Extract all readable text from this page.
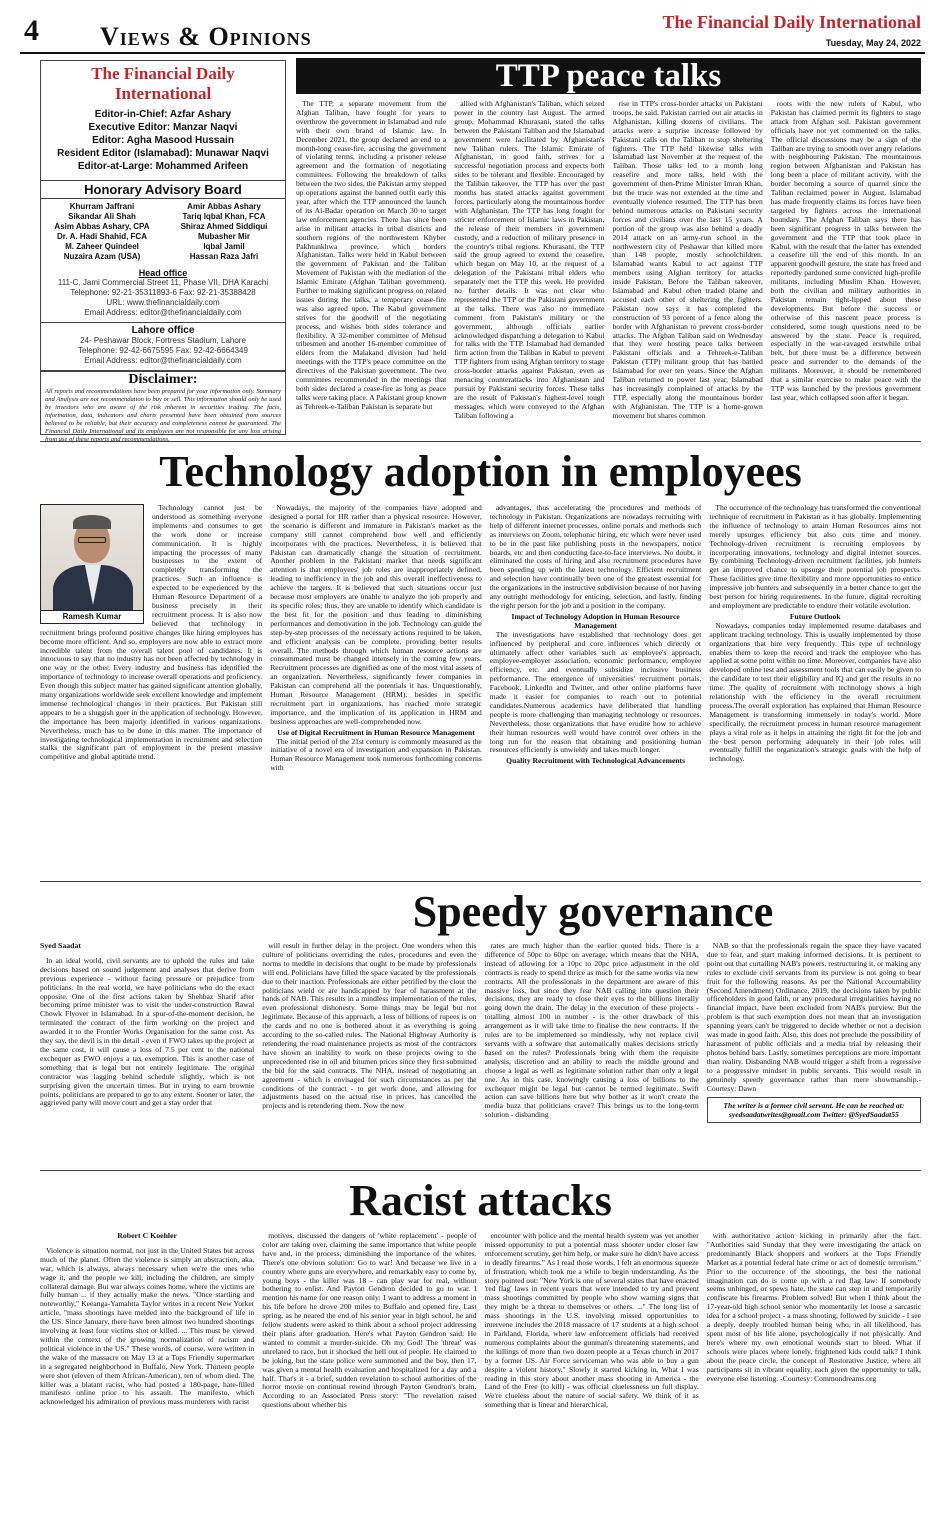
4 Views & Opinions	The Financial Daily International
Tuesday, May 24, 2022
The Financial Daily International
Editor-in-Chief: Azfar Ashary
Executive Editor: Manzar Naqvi
Editor: Agha Masood Hussain
Resident Editor (Islamabad): Munawar Naqvi
Editor-at-Large: Mohammed Arifeen
Honorary Advisory Board
Khurram Jaffrani
Sikandar Ali Shah
Asim Abbas Ashary, CPA
Dr. A. Hadi Shahid, FCA
M. Zaheer Quindeel
Nuzaira Azam (USA)
Amir Abbas Ashary
Tariq Iqbal Khan, FCA
Shiraz Ahmed Siddiqui
Mubasher Mir
Iqbal Jamil
Hassan Raza Jafri
Head office
111-C, Jami Commercial Street 11, Phase VII, DHA Karachi
Telephone: 92-21-35311893-6 Fax: 92-21-35388428
URL: www.thefinancialdaily.com
Email Address: editor@thefinancialdaily.com
Lahore office
24- Peshawar Block, Fortress Stadium, Lahore
Telephone: 92-42-6675595 Fax: 92-42-6664349
Email Address: editor@thefinancialdaily.com
Disclaimer:
All reports and recommendations have been prepared for your information only. Summary and Analysis are not recommendation to buy or sell. This information should only be used by investors who are aware of the risk inherent in securities trading. The facts, information, data, indicators and charts presented have been obtained from sources believed to be reliable, but their accuracy and completeness cannot be guaranteed. The Financial Daily International and its employees are not responsible for any loss arising from use of these reports and recommendations.
TTP peace talks

The TTP, a separate movement from the Afghan Taliban, have fought for years to overthrow the government in Islamabad and rule with their own brand of Islamic law. In December 2021, the group declared an end to a month-long cease-fire, accusing the government of violating terms, including a prisoner release agreement and the formation of negotiating committees. Following the breakdown of talks between the two sides, the Pakistan army stepped up operations against the banned outfit early this year, after which the TTP announced the launch of its Al-Badar operation on March 30 to target law enforcement agencies. There has since been arise in militant attacks in tribal districts and southern regions of the northwestern Khyber Pakhtunkhwa province, which borders Afghanistan. Talks were held in Kabul between the government of Pakistan and the Taliban Movement of Pakistan with the mediation of the Islamic Emirate (Afghan Taliban government). Further to making significant progress on related issues during the talks, a temporary cease-fire was also agreed upon. The Kabul government strives for the goodwill of the negotiating process, and wishes both sides tolerance and flexibility. A 32-member committee of Mehsud tribesmen and another 16-member committee of elders from the Malakand division had held meetings with the TTP's peace committee on the directives of the Pakistan government. The two committees recommended in the meetings that both sides declared a cease-fire as long as peace talks were taking place. A Pakistani group known as Tehreek-e-Taliban Pakistan is separate but

allied with Afghanistan's Taliban, which seized power in the country last August. The armed group, Mohammad Khurasani, stated the talks between the Pakistani Taliban and the Islamabad government were facilitated by Afghanistan's new Taliban rulers. The Islamic Emirate of Afghanistan, in good faith, strives for a successful negotiation process and expects both sides to be tolerant and flexible. Encouraged by the Taliban takeover, the TTP has over the past months has stated attacks against government forces, particularly along the mountainous border with Afghanistan. The TTP has long fought for stricter enforcement of Islamic laws in Pakistan, the release of their members in government custody, and a reduction of military presence in the country's tribal regions. Khurasani, the TTP said the group agreed to extend the ceasefire, which began on May 10, at the request of a delegation of the Pakistani tribal elders who separately met the TTP this week. He provided no further details. It was not clear who represented the TTP or the Pakistani government at the talks. There was also no immediate comment from Pakistan's military or the government, although officials earlier acknowledged dispatching a delegation to Kabul for talks with the TTP. Islamabad had demanded firm action from the Taliban in Kabul to prevent TTP fighters from using Afghan territory to stage cross-border attacks against Pakistan, even as menacing counterattacks into Afghanistan and pursuit by Pakistani security forces. These talks are the result of Pakistan's highest-level tough messages, which were conveyed to the Afghan Taliban following a

rise in TTP's cross-border attacks on Pakistani troops, he said. Pakistan carried out air attacks in Afghanistan, killing dozens of civilians. The attacks were a surprise increase followed by Pakistani calls on the Taliban to stop sheltering fighters. The TTP held likewise talks with Islamabad last November at the request of the Taliban. Those talks led to a month long ceasefire and more talks, held with the government of then-Prime Minister Imran Khan, but the truce was not extended at the time and eventually violence resumed. The TTP has been behind numerous attacks on Pakistani security forces and civilians over the last 15 years. A portion of the group was also behind a deadly 2014 attack on an army-run school in the northwestern city of Peshawar that killed more than 148 people, mostly schoolchildren. Islamabad wants Kabul to act against TTP members using Afghan territory for attacks inside Pakistan. Before the Taliban takeover, Islamabad and Kabul often traded blame and accused each other of sheltering the fighters. Pakistan now says it has completed the construction of 93 percent of a fence along the border with Afghanistan to prevent cross-border attacks. The Afghan Taliban said on Wednesday that they were hosting peace talks between Pakistani officials and a Tehreek-e-Taliban Pakistan (TTP) militant group that has battled Islamabad for over ten years. Since the Afghan Taliban returned to power last year, Islamabad has increasingly complained of attacks by the TTP, especially along the mountainous border with Afghanistan. The TTP is a home-grown movement but shares common

roots with the new rulers of Kabul, who Pakistan has claimed permit its fighters to stage attack from Afghan soil. Pakistan government officials have not yet commented on the talks. The official discussions may be a sign of the Taliban are trying to smooth over angry relations with neighbouring Pakistan. The mountainous region between Afghanistan and Pakistan has long been a place of militant activity, with the border becoming a source of quarrel since the Taliban reclaimed power in August. Islamabad has made frequently claims its forces have been targeted by fighters across the international boundary. The Afghan Taliban says there has been significant progress in talks between the government and the TTP that took place in Kabul, with the result that the latter has extended a ceasefire till the end of this month. In an apparent goodwill gesture, the state has freed and reportedly pardoned some convicted high-profile militants, including Muslim Khan. However, both the civilian and military authorities in Pakistan remain tight-lipped about these developments. But before the success or otherwise of this nascent peace process is considered, some tough questions need to be answered by the state. Peace is required, especially in the war-ravaged erstwhile tribal belt, but there must be a difference between peace and surrender to the demands of the militants. Moreover, it should be remembered that a similar exercise to make peace with the TTP was launched by the previous government last year, which collapsed soon after it began.

Technology adoption in employees
Ramesh Kumar

Technology cannot just be understood as something everyone implements and consumes to get the work done or increase communication. It is highly impacting the processes of many businesses to the extent of completely transforming the practices. Such an influence is expected to be experienced by the Human Resource Department of a business precisely in their recruitment process. It is also now believed that technology in recruitment brings profound positive changes like hiring employees has become more efficient. And so, employers are now able to extract more incredible talent from the overall talent pool of candidates. It is innocuous to say that no industry has not been affected by technology in one way or the other. Every industry and business has identified the importance of technology to increase overall operations and proficiency. Even though this subject matter has gained significant attention globally, many organizations worldwide seek excellent knowledge and implement immense technological changes in their practices. But Pakistan still appears to be a sluggish goer in the application of technology. However, the importance has been majorly identified in various organizations. Nevertheless, much has to be done in this matter. The importance of investigating technological implementation in recruitment and selection stalks the significant part of employment in the present massive competitive and global aptitude trend.

Nowadays, the majority of the companies have adopted and designed a portal for HR rather than a physical resource. However, the scenario is different and immature in Pakistan's market as the company still cannot comprehend how well and efficiently incorporates with the practices. Nevertheless, it is believed that Pakistan can dramatically change the situation of recruitment. Another problem in the Pakistani market that needs significant attention is that employees' job roles are inappropriately defined, leading to inefficiency in the job and this overall ineffectiveness to achieve the targets. It is believed that such situations occur just because most employers are unable to analyze the job properly and its specific roles; thus, they are unable to identify which candidate is the best fit for the position and thus leading to diminishing performances and demotivation in the job. Technology can guide the step-by-step processes of the necessary actions required to be taken, and efficient analysis can be complete, providing better results overall. The methods through which human resource actions are consummated must be changed intensely in the coming few years. Recruitment processes are dignified as one of the most vital assets of an organization. Nevertheless, significantly fewer companies in Pakistan can comprehend all the potentials it has. Unquestionably, Human Resource Management (HRM), besides in specific recruitment part in organizations, has reached more strategic importance, and the implication of its application in HRM and business approaches are well-comprehended now.

Use of Digital Recruitment in Human Resource Management

The initial period of the 21st century is commonly measured as the initiative of a novel era of investigation and expansion in Pakistan. Human Resource Management took numerous forthcoming concerns with

advantages, thus accelerating the procedures and methods of technology in Pakistan. Organizations are nowadays recruiting with help of different internet processes, online portals and methods such as interviews on Zoom, telephonic hiring, etc which were never used to be in the past like publishing posts in the newspapers, notice boards, etc and then conducting face-to-face interviews. No doubt, it eliminated the costs of hiring and also recruitment procedures have been speeding up with the latest technology. Efficient recruitment and selection have continually been one of the greatest essential for the organizations in the instructive subdivision because of not having any outright methodology for enticing, selection, and lastly, finding the right person for the job and a position in the company.

Impact of Technology Adoption in Human Resource Management

The investigations have established that technology does get influenced by peripheral and core influences which directly or ultimately affect other variables such as employee's approach, employee-employer association, economic performance, employee efficiency, etc. and eventually subsidize inclusive business performance. The emergence of universities' recruitment portals, Facebook, LinkedIn and Twitter, and other online platforms have made it easier for companies to reach out to potential candidates.Numerous academics have deliberated that handling people is more challenging than managing technology or resources. Nevertheless, those organizations that have erudite how to achieve their human resources well would have control over others in the long run for the reason that obtaining and positioning human resources efficiently is unwieldy and takes much longer.

Quality Recruitment with Technological Advancements

The occurrence of the technology has transformed the conventional technique of recruitment in Pakistan as it has globally. Implementing the influence of technology to attain Human Resources aims not merely upsurges efficiency but also cuts time and money. Technology-driven recruitment is recruiting employees by incorporating innovations, technology and digital internet sources. By combining Technology-driven recruitment facilities, job hunters get an improved chance to upsurge their potential job prospects. These facilities give time flexibility and more opportunities to entice impressive job hunters and subsequently in a better chance to get the best person for hiring requirements. In the future, digital recruiting and employment are predictable to endure their volatile evolution.

Future Outlook

Nowadays, companies today implemented resume databases and applicant tracking technology. This is usually implemented by those organizations that hire very frequently. This type of technology enables them to keep the record and track the employee who has applied at some point within no time. Moreover, companies have also developed online test and assessment tools that can easily be given to the candidate to test their eligibility and IQ and get the results in no time. The quality of recruitment with technology shows a high relationship with the efficiency in the overall recruitment process.The overall exploration has explained that Human Resource Management is transforming immensely in today's world. More specifically, the recruitment process in human resource management plays a vital role as it helps in attaining the right fit for the job and the best person performing adequately in their job roles will eventually fulfill the organization's strategic goals with the help of technology.

Speedy governance
Syed Saadat

In an ideal world, civil servants are to uphold the rules and take decisions based on sound judgement and analyses that derive from previous experience - without facing pressure or prejudice from politicians. In the real world, we have politicians who do the exact opposite. One of the first actions taken by Shehbaz Sharif after becoming prime minister was to visit the under-construction Rawal Chowk Flyover in Islamabad. In a spur-of-the-moment decision, he terminated the contract of the firm working on the project and awarded it to the Frontier Works Organisation for the same cost. As they say, the devil is in the detail - even if FWO takes up the project at the same cost, it will cause a loss of 7.5 per cent to the national exchequer as FWO enjoys a tax exemption. This is another case of something that is legal but not entirely legitimate. The original contractor was lagging behind schedule slightly, which is not surprising given the uncertain times. But in trying to earn brownie points, politicians are prepared to go to any extent. Sooner or later, the aggrieved party will move court and get a stay order that

will result in further delay in the project. One wonders when this culture of politicians overriding the rules, procedures and even the norms to meddle in decisions that ought to be made by professionals will end. Politicians have filled the space vacated by the professionals due to their inaction. Professionals are either petrified by the clout the politicians wield or are handicapped by fear of harassment at the hands of NAB. This results in a mindless implementation of the rules, even professional dishonesty. Some things may be legal but not legitimate. Because of this approach, a loss of billions of rupees is on the cards and no one is bothered about it as everything is going according to the so-called rules. The National Highway Authority is retendering the road maintenance projects as most of the contractors have shown an inability to work on these projects owing to the unprecedented rise in oil and bitumen prices since they first submitted the bid for the said contracts. The NHA, instead of negotiating an agreement - which is envisaged for such circumstances as per the conditions of the contract - to get work done, and allowing for adjustments based on the actual rise in prices, has cancelled the projects and is retendering them. Now the new

rates are much higher than the earlier quoted bids. There is a difference of 50pc to 60pc on average, which means that the NHA, instead of allowing for a 10pc to 20pc price adjustment in the old contracts is ready to spend thrice as much for the same works via new contracts. All the professionals in the department are aware of this massive loss, but since they fear NAB calling into question their decisions, they are ready to close their eyes to the billions literally going down the drain. The delay in the execution of these projects - totalling almost 100 in number - is the other drawback of this arrangement as it will take time to finalise the new contracts. If the rules are to be implemented so mindlessly, why not replace civil servants with a software that automatically makes decisions strictly based on the rules? Professionals bring with them the requisite analysis, discretion and an ability to reach the middle ground and choose a legal as well as legitimate solution rather than only a legal one. As in this case, knowingly causing a loss of billions to the exchequer might be legal but cannot be termed legitimate. Swift action can save billions here but why bother as it won't create the media buzz that politicians crave? This brings us to the long-term solution - disbanding

NAB so that the professionals regain the space they have vacated due to fear, and start making informed decisions. It is pertinent to point out that curtailing NAB's powers, restructuring it, or making any rules to exclude civil servants from its purview is not going to bear fruit for the following reasons. As per the National Accountability (Second Amendment) Ordinance, 2019, the decisions taken by public officeholders in good faith, or any procedural irregularities having no financial impact, have been excluded from NAB's purview. But the problem is that such exemption does not mean that an investigation spanning years can't be triggered to decide whether or not a decision was made in good faith. Also, this does not preclude the possibility of harassment of public officials and a media trial by releasing their photos behind bars. Lastly, sometimes perceptions are more important than reality. Disbanding NAB would trigger a shift from a regressive to a progressive mindset in public servants. This would result in genuinely speedy governance rather than mere showmanship.-Courtesy: Dawn

The writer is a former civil servant. He can be reached at: syedsaadatwrites@gmail.com Twitter: @SyedSaadat55
Racist attacks
Robert C Koehler

Violence is situation normal, not just in the United States but across much of the planet. Often the violence is simply an abstraction, aka, war, which is always, always necessary when we're the ones who wage it, and the people we kill, including the children, are simply collateral damage. But war always comes home, where the victims are fully human ... if they actually make the news. "Once startling and noteworthy," Keeanga-Yamahtta Taylor writes in a recent New Yorker article, "mass shootings have melded into the background of life in the US. Since January, there have been almost two hundred shootings involving at least four victims shot or killed. ... This must be viewed within the context of the growing normalization of racism and political violence in the US." These words, of course, were written in the wake of the massacre on May 13 at a Tops Friendly supermarket in a segregated neighborhood in Buffalo, New York. Thirteen people were shot (eleven of them African-American), ten of whom died. The killer was a blatant racist, who had posted a 180-page, hate-filled manifesto online prior to his assault. The manifesto, which acknowledged his admiration of previous mass murderers with racist

motives, discussed the dangers of 'white replacement' - people of color are taking over, claiming the same importance that white people have and, in the process, diminishing the importance of the whites. There's one obvious solution: Go to war! And because we live in a country where guns are everywhere, and remarkably easy to come by, young boys - the killer was 18 - can play war for real, without bothering to enlist. And Payton Gendron decided to go to war. I mention his name for one reason only: I want to address a moment in his life before he drove 200 miles to Buffalo and opened fire. Last spring, as he neared the end of his senior year in high school, he and fellow students were asked to think about a school project addressing their plans after graduation. Here's what Payton Gendron said: He wanted to commit a murder-suicide. Oh my God! The 'threat' was unrelated to race, but it shocked the hell out of people. He claimed to be joking, but the state police were summoned and the boy, then 17, was given a mental health evaluation and hospitalized for a day and a half. That's it - a brief, sudden revelation to school authorities of the horror movie on continual rewind through Payton Gendron's brain. According to an Associated Press story: "The revelation raised questions about whether his

encounter with police and the mental health system was yet another missed opportunity to put a potential mass shooter under closer law enforcement scrutiny, get him help, or make sure he didn't have access to deadly firearms." As I read those words, I felt an enormous squeeze of frustration, which took me a while to begin understanding. As the story pointed out: "New York is one of several states that have enacted 'red flag' laws in recent years that were intended to try and prevent mass shootings committed by people who show warning signs that they might be a threat to themselves or others. ..." The long list of mass shootings in the U.S. involving missed opportunities to intervene includes the 2018 massacre of 17 students at a high school in Parkland, Florida, where law enforcement officials had received numerous complaints about the gunman's threatening statements, and the killings of more than two dozen people at a Texas church in 2017 by a former US. Air Force serviceman who was able to buy a gun despite a violent history." Slowly it started kicking in. What I was reading in this story about another mass shooting in America - the Land of the Free (to kill) - was official cluelessness on full display. We're clueless about the nature of social safety. We think of it as something that is linear and hierarchical,

with authoritative action kicking in primarily after the fact. "Authorities said Sunday that they were investigating the attack on predominantly Black shoppers and workers at the Tops Friendly Market as a potential federal hate crime or act of domestic terrorism." Prior to the occurrence of the shootings, the best the national imagination can do is come up with a red flag law: If somebody seems unhinged, or spews hate, the state can step in and temporarily confiscate his firearms. Problem solved! But when I think about the 17-year-old high school senior who momentarily let loose a sarcastic idea for a school project - a mass shooting, followed by suicide - I see a deeply, deeply troubled human being who, in all likelihood, has spent most of his life alone, psychologically if not physically. And here's where my own emotional wounds start to bleed. What if schools were places where lonely, frightened kids could talk? I think about the peace circle, the concept of Restorative Justice, where all participants sit in vibrant equality, each given the opportunity to talk, everyone else listening. -Courtesy: Commondreams.org
